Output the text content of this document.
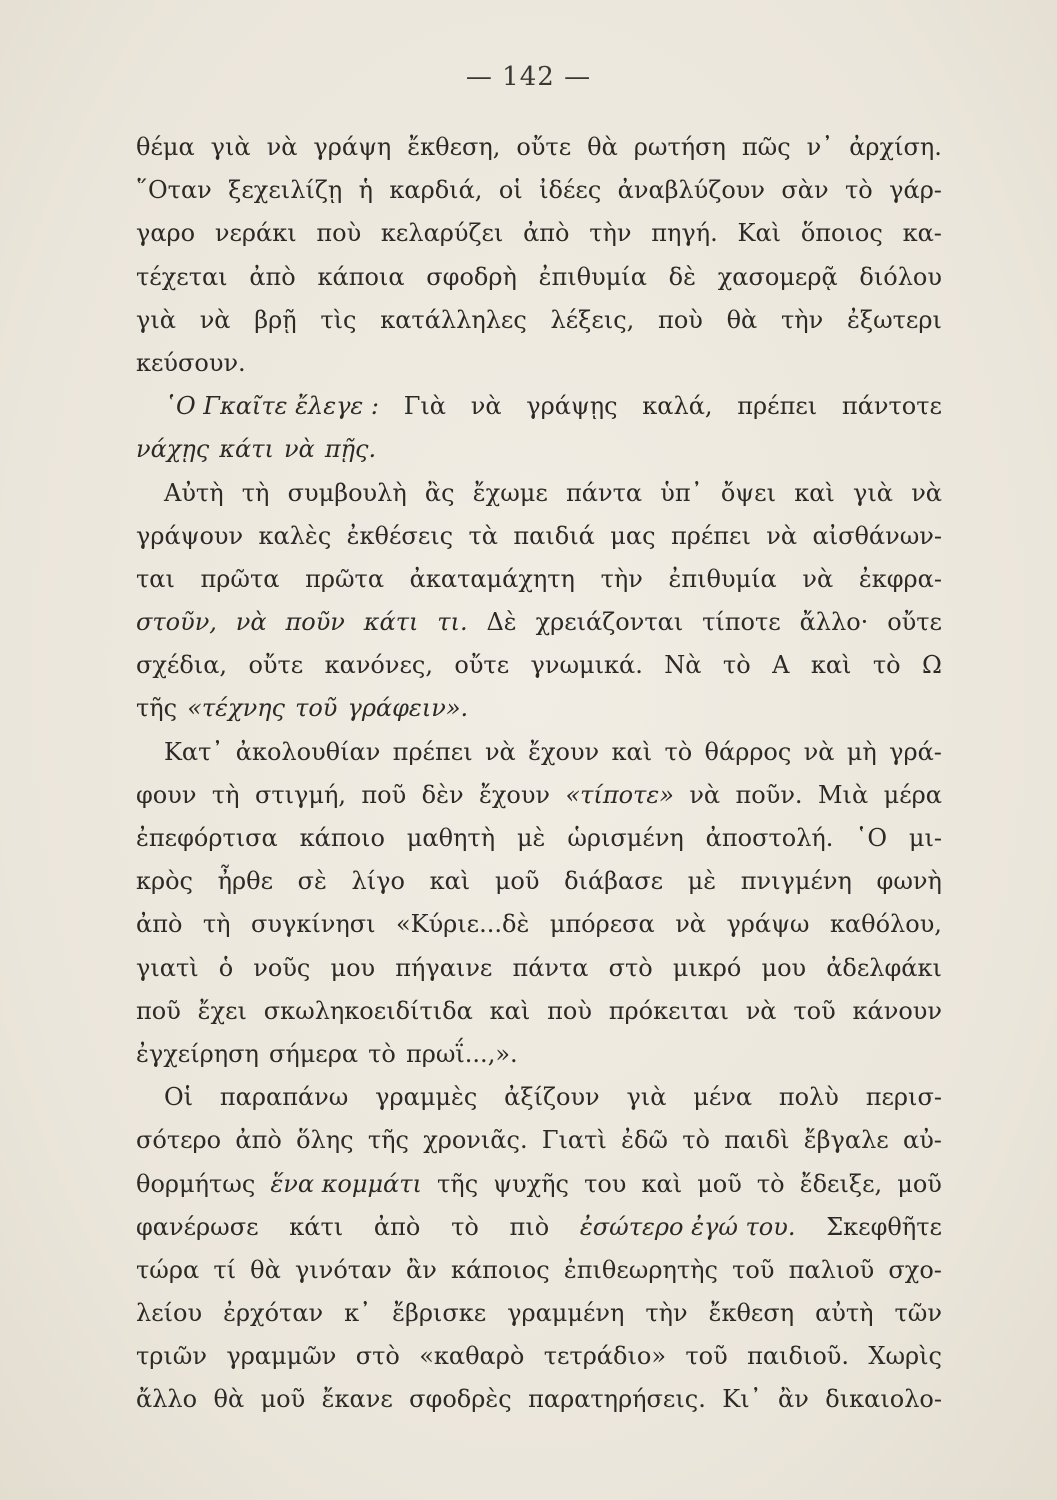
— 142 —
θέμα γιὰ νὰ γράψη ἔκθεση, οὔτε θὰ ρωτήση πῶς ν᾿ ἀρχίση.
῞Οταν ξεχειλίζῃ ἡ καρδιά, οἱ ἰδέες ἀναβλύζουν σὰν τὸ γάρ-
γαρο νεράκι ποὺ κελαρύζει ἀπὸ τὴν πηγή. Καὶ ὅποιος κα-
τέχεται ἀπὸ κάποια σφοδρὴ ἐπιθυμία δὲ χασομερᾷ διόλου
γιὰ νὰ βρῇ τὶς κατάλληλες λέξεις, ποὺ θὰ τὴν ἐξωτερι
κεύσουν.
῾Ο Γκαῖτε ἔλεγε : Γιὰ νὰ γράψῃς καλά, πρέπει πάντοτε
νάχῃς κάτι νὰ πῇς.
Αὐτὴ τὴ συμβουλὴ ἂς ἔχωμε πάντα ὑπ᾿ ὄψει καὶ γιὰ νὰ
γράψουν καλὲς ἐκθέσεις τὰ παιδιά μας πρέπει νὰ αἰσθάνων-
ται πρῶτα πρῶτα ἀκαταμάχητη τὴν ἐπιθυμία νὰ ἐκφρα-
στοῦν, νὰ ποῦν κάτι τι. Δὲ χρειάζονται τίποτε ἄλλο· οὔτε
σχέδια, οὔτε κανόνες, οὔτε γνωμικά. Νὰ τὸ Α καὶ τὸ Ω
τῆς «τέχνης τοῦ γράφειν».
Κατ᾿ ἀκολουθίαν πρέπει νὰ ἔχουν καὶ τὸ θάρρος νὰ μὴ γρά-
φουν τὴ στιγμή, ποῦ δὲν ἔχουν «τίποτε» νὰ ποῦν. Μιὰ μέρα
ἐπεφόρτισα κάποιο μαθητὴ μὲ ὡρισμένη ἀποστολή. ῾Ο μι-
κρὸς ἦρθε σὲ λίγο καὶ μοῦ διάβασε μὲ πνιγμένη φωνὴ
ἀπὸ τὴ συγκίνησι «Κύριε...δὲ μπόρεσα νὰ γράψω καθόλου,
γιατὶ ὁ νοῦς μου πήγαινε πάντα στὸ μικρό μου ἀδελφάκι
ποῦ ἔχει σκωληκοειδίτιδα καὶ ποὺ πρόκειται νὰ τοῦ κάνουν
ἐγχείρηση σήμερα τὸ πρωΐ...,».
Οἱ παραπάνω γραμμὲς ἀξίζουν γιὰ μένα πολὺ περισ-
σότερο ἀπὸ ὅλης τῆς χρονιᾶς. Γιατὶ ἐδῶ τὸ παιδὶ ἔβγαλε αὐ-
θορμήτως ἕνα κομμάτι τῆς ψυχῆς του καὶ μοῦ τὸ ἔδειξε, μοῦ
φανέρωσε κάτι ἀπὸ τὸ πιὸ ἐσώτερο ἐγώ του. Σκεφθῆτε
τώρα τί θὰ γινόταν ἂν κάποιος ἐπιθεωρητὴς τοῦ παλιοῦ σχο-
λείου ἐρχόταν κ᾿ ἔβρισκε γραμμένη τὴν ἔκθεση αὐτὴ τῶν
τριῶν γραμμῶν στὸ «καθαρὸ τετράδιο» τοῦ παιδιοῦ. Χωρὶς
ἄλλο θὰ μοῦ ἔκανε σφοδρὲς παρατηρήσεις. Κι᾿ ἂν δικαιολο-
